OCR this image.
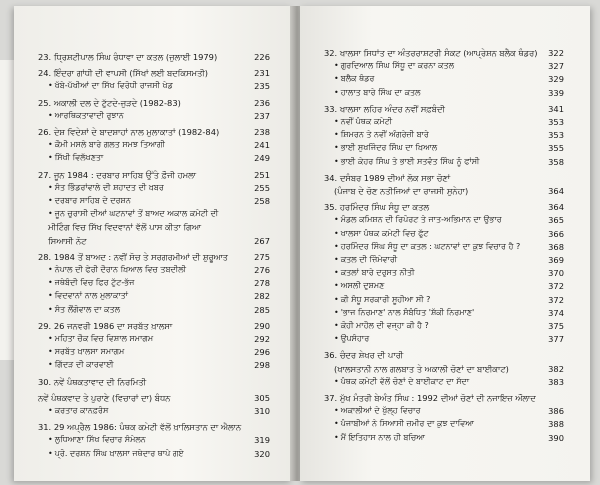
23. ਧ੍ਰਿਸ਼ਟੀਪਾਲ ਸਿੰਘ ਰੰਧਾਵਾ ਦਾ ਕਤਲ (ਜੁਲਾਈ 1979)	226
24. ਇੰਦਰਾ ਗਾਂਧੀ ਦੀ ਵਾਪਸੀ (ਸਿੱਖਾਂ ਲਈ ਬਦਕਿਸਮਤੀ)	231
• ਖੱਬੇ-ਪੱਖੀਆਂ ਦਾ ਸਿੱਖ ਵਿਰੋਧੀ ਰਾਜਸੀ ਖੇਡ	235
25. ਅਕਾਲੀ ਦਲ ਦੇ ਟੁੱਟਦੇ-ਜੁੜਦੇ (1982-83)	236
• ਆਰਥਿਕਤਾਵਾਦੀ ਰੁਝਾਨ	237
26. ਦੇਸ਼ ਵਿਦੇਸ਼ਾਂ ਦੇ ਬਾਦਸ਼ਾਹਾਂ ਨਾਲ ਮੁਲਾਕਾਤਾਂ (1982-84)	238
• ਕੌਮੀ ਮਸਲੇ ਬਾਰੇ ਗਲਤ ਸਮਝ ਤਿਆਗੀ	241
• ਸਿੱਖੀ ਵਿਲੱਖਣਤਾ	249
27. ਜੂਨ 1984 : ਦਰਬਾਰ ਸਾਹਿਬ ਉੱਤੇ ਫ਼ੌਜੀ ਹਮਲਾ	251
• ਸੰਤ ਭਿੰਡਰਾਂਵਾਲੇ ਦੀ ਸ਼ਹਾਦਤ ਦੀ ਖ਼ਬਰ	255
• ਦਰਬਾਰ ਸਾਹਿਬ ਦੇ ਦਰਸ਼ਨ	258
• ਜੂਨ ਚੁਰਾਸੀ ਦੀਆਂ ਘਟਨਾਵਾਂ ਤੋਂ ਬਾਅਦ ਅਕਾਲ ਕਮੇਟੀ ਦੀ
ਮੀਟਿੰਗ ਵਿਚ ਸਿੱਖ ਵਿਦਵਾਨਾਂ ਵੱਲੋਂ ਪਾਸ ਕੀਤਾ ਗਿਆ
ਸਿਆਸੀ ਨੋਟ	267
28. 1984 ਤੋਂ ਬਾਅਦ : ਨਵੀਂ ਸੋਚ ਤੇ ਸਰਗਰਮੀਆਂ ਦੀ ਸ਼ੁਰੂਆਤ	275
• ਨੇਪਾਲ ਦੀ ਫੇਰੀ ਦੌਰਾਨ ਖ਼ਿਆਲ ਵਿਚ ਤਬਦੀਲੀ	276
• ਜਥੇਬੰਦੀ ਵਿਚ ਫਿਰ ਟੁੱਟ-ਭੱਜ	278
• ਵਿਦਵਾਨਾਂ ਨਾਲ ਮੁਲਾਕਾਤਾਂ	282
• ਸੰਤ ਲੌਂਗੋਵਾਲ ਦਾ ਕਤਲ	285
29. 26 ਜਨਵਰੀ 1986 ਦਾ ਸਰਬੱਤ ਖ਼ਾਲਸਾ	290
• ਮਹਿਤਾ ਚੌਕ ਵਿਚ ਵਿਸ਼ਾਲ ਸਮਾਗਮ	292
• ਸਰਬੱਤ ਖ਼ਾਲਸਾ ਸਮਾਗਮ	296
• ਗਿੱਦੜ ਦੀ ਕਾਰਵਾਈ	298
30. ਨਵੇਂ ਪੰਥਕਤਾਵਾਦ ਦੀ ਨਿਰਮਿਤੀ
ਨਵੇਂ ਪੰਥਕਵਾਦ ਤੇ ਪੁਰਾਣੇ (ਵਿਚਾਰਾਂ ਦਾ) ਬੰਧਨ	305
• ਕਰਤਾਰ ਕਾਨਫ਼ਰੰਸ	310
31. 29 ਅਪ੍ਰੈਲ 1986: ਪੰਥਕ ਕਮੇਟੀ ਵੱਲੋਂ ਖ਼ਾਲਿਸਤਾਨ ਦਾ ਐਲਾਨ
• ਲੁਧਿਆਣਾ ਸਿੱਖ ਵਿਚਾਰ ਸੰਮੇਲਨ	319
• ਪ੍ਰੋ. ਦਰਸ਼ਨ ਸਿੰਘ ਖ਼ਾਲਸਾ ਜਥੇਦਾਰ ਥਾਪੇ ਗਏ	320
32. ਖਾਲਸਾ ਸਿਧਾਂਤ ਦਾ ਅੰਤਰਰਾਸ਼ਟਰੀ ਸੰਕਟ (ਆਪ੍ਰੇਸ਼ਨ ਬਲੈਕ ਥੰਡਰ) 322
• ਗੁਰਦਿਆਲ ਸਿੰਘ ਸਿੱਧੂ ਦਾ ਕਰਨਾ ਕਤਲ	327
• ਬਲੈਕ ਥੰਡਰ	329
• ਹਾਲਾਤ ਬਾਰੇ ਸਿੰਘ ਦਾ ਕਤਲ	339
33. ਖਾਲਸਾ ਲਹਿਰ ਅੰਦਰ ਨਵੀਂ ਸਫ਼ਬੰਦੀ	341
• ਨਵੀਂ ਪੰਥਕ ਕਮੇਟੀ	353
• ਸ਼ਿਮਰਨ ਤੇ ਨਵੀਂ ਅੰਗਰੇਜ਼ੀ ਬਾਰੇ	353
• ਭਾਈ ਸੁਖਜਿੰਦਰ ਸਿੰਘ ਦਾ ਖ਼ਿਆਲ	355
• ਭਾਈ ਕੇਹਰ ਸਿੰਘ ਤੇ ਭਾਈ ਸਤਵੰਤ ਸਿੰਘ ਨੂੰ ਫਾਂਸੀ	358
34. ਦਸੰਬਰ 1989 ਦੀਆਂ ਲੋਕ ਸਭਾ ਚੋਣਾਂ
(ਪੰਜਾਬ ਦੇ ਚੋਣ ਨਤੀਜਿਆਂ ਦਾ ਰਾਜਸੀ ਸੁਨੇਹਾ)	364
35. ਹਰਮਿੰਦਰ ਸਿੰਘ ਸੰਧੂ ਦਾ ਕਤਲ	364
• ਮੰਡਲ ਕਮਿਸ਼ਨ ਦੀ ਰਿਪੋਰਟ ਤੇ ਜਾਤ-ਅਭਿਮਾਨ ਦਾ ਉਭਾਰ	365
• ਖਾਲਸਾ ਪੰਥਕ ਕਮੇਟੀ ਵਿਚ ਫੁੱਟ	366
• ਹਰਮਿੰਦਰ ਸਿੰਘ ਸੰਧੂ ਦਾ ਕਤਲ : ਘਟਨਾਵਾਂ ਦਾ ਕੁਝ ਵਿਚਾਰ ਹੈ ?	368
• ਕਤਲ ਦੀ ਜ਼ਿੰਮੇਵਾਰੀ	369
• ਕਤਲਾਂ ਬਾਰੇ ਦਰੁਸਤ ਨੀਤੀ	370
• ਅਸਲੀ ਦੁਸ਼ਮਣ	372
• ਕੀ ਸੰਧੂ ਸਰਕਾਰੀ ਸੂਹੀਆ ਸੀ ?	372
• 'ਭਾਜ ਨਿਰਮਾਣ' ਨਾਲ ਸੰਬੰਧਿਤ 'ਸ਼ੱਕੀ ਨਿਰਮਾਣ'	374
• ਕੋਹੀ ਮਾਹੌਲ ਦੀ ਵਜ੍ਹਾ ਕੀ ਹੈ ?	375
• ਉਪਸੰਹਾਰ	377
36. ਚੰਦਰ ਸ਼ੇਖਰ ਦੀ ਪਾਰੀ
(ਖਾਲਸਤਾਨੀ ਨਾਲ ਗਲਬਾਤ ਤੇ ਅਕਾਲੀ ਚੋਣਾਂ ਦਾ ਬਾਈਕਾਟ)	382
• ਪੰਥਕ ਕਮੇਟੀ ਵੱਲੋਂ ਚੋਣਾਂ ਦੇ ਬਾਈਕਾਟ ਦਾ ਸੱਦਾ	383
37. ਮੁੱਖ ਮੰਤਰੀ ਬੇਅੰਤ ਸਿੰਘ : 1992 ਦੀਆਂ ਚੋਣਾਂ ਦੀ ਨਜਾਇਜ਼ ਔਲਾਦ
• ਅਕਾਲੀਆਂ ਦੇ ਖੁੱਲ੍ਹ ਵਿਚਾਰ	386
• ਪੰਜਾਬੀਆਂ ਨੇ ਸਿਆਸੀ ਜ਼ਮੀਰ ਦਾ ਕੁਝ ਦਾਵਿਆ	388
• ਮੈਂ ਇਤਿਹਾਸ ਨਾਲ ਹੀ ਬਚਿਆ	390
